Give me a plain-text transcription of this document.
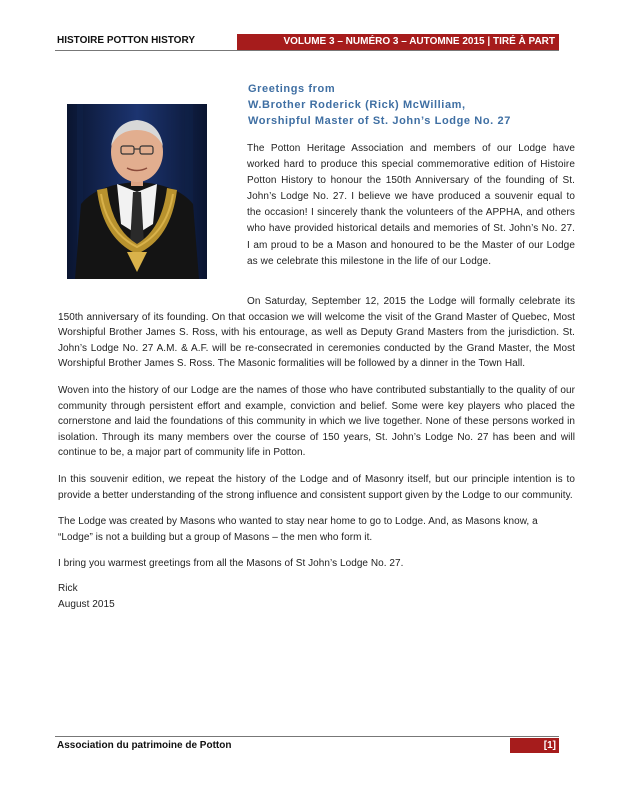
HISTOIRE POTTON HISTORY	VOLUME 3 – NUMÉRO 3 – AUTOMNE 2015 | TIRÉ À PART
Greetings from
W.Brother Roderick (Rick) McWilliam,
Worshipful Master of St. John’s Lodge No. 27
The Potton Heritage Association and members of our Lodge have worked hard to produce this special commemorative edition of Histoire Potton History to honour the 150th Anniversary of the founding of St. John’s Lodge No. 27. I believe we have produced a souvenir equal to the occasion! I sincerely thank the volunteers of the APPHA, and others who have provided historical details and memories of St. John’s No. 27. I am proud to be a Mason and honoured to be the Master of our Lodge as we celebrate this milestone in the life of our Lodge.

On Saturday, September 12, 2015 the Lodge will formally celebrate its 150th anniversary of its founding. On that occasion we will welcome the visit of the Grand Master of Quebec, Most Worshipful Brother James S. Ross, with his entourage, as well as Deputy Grand Masters from the jurisdiction. St. John’s Lodge No. 27 A.M. & A.F. will be re-consecrated in ceremonies conducted by the Grand Master, the Most Worshipful Brother James S. Ross. The Masonic formalities will be followed by a dinner in the Town Hall.

Woven into the history of our Lodge are the names of those who have contributed substantially to the quality of our community through persistent effort and example, conviction and belief. Some were key players who placed the cornerstone and laid the foundations of this community in which we live together. None of these persons worked in isolation. Through its many members over the course of 150 years, St. John’s Lodge No. 27 has been and will continue to be, a major part of community life in Potton.

In this souvenir edition, we repeat the history of the Lodge and of Masonry itself, but our principle intention is to provide a better understanding of the strong influence and consistent support given by the Lodge to our community.

The Lodge was created by Masons who wanted to stay near home to go to Lodge. And, as Masons know, a “Lodge” is not a building but a group of Masons – the men who form it.

I bring you warmest greetings from all the Masons of St John’s Lodge No. 27.

Rick
August 2015
Association du patrimoine de Potton	[1]
